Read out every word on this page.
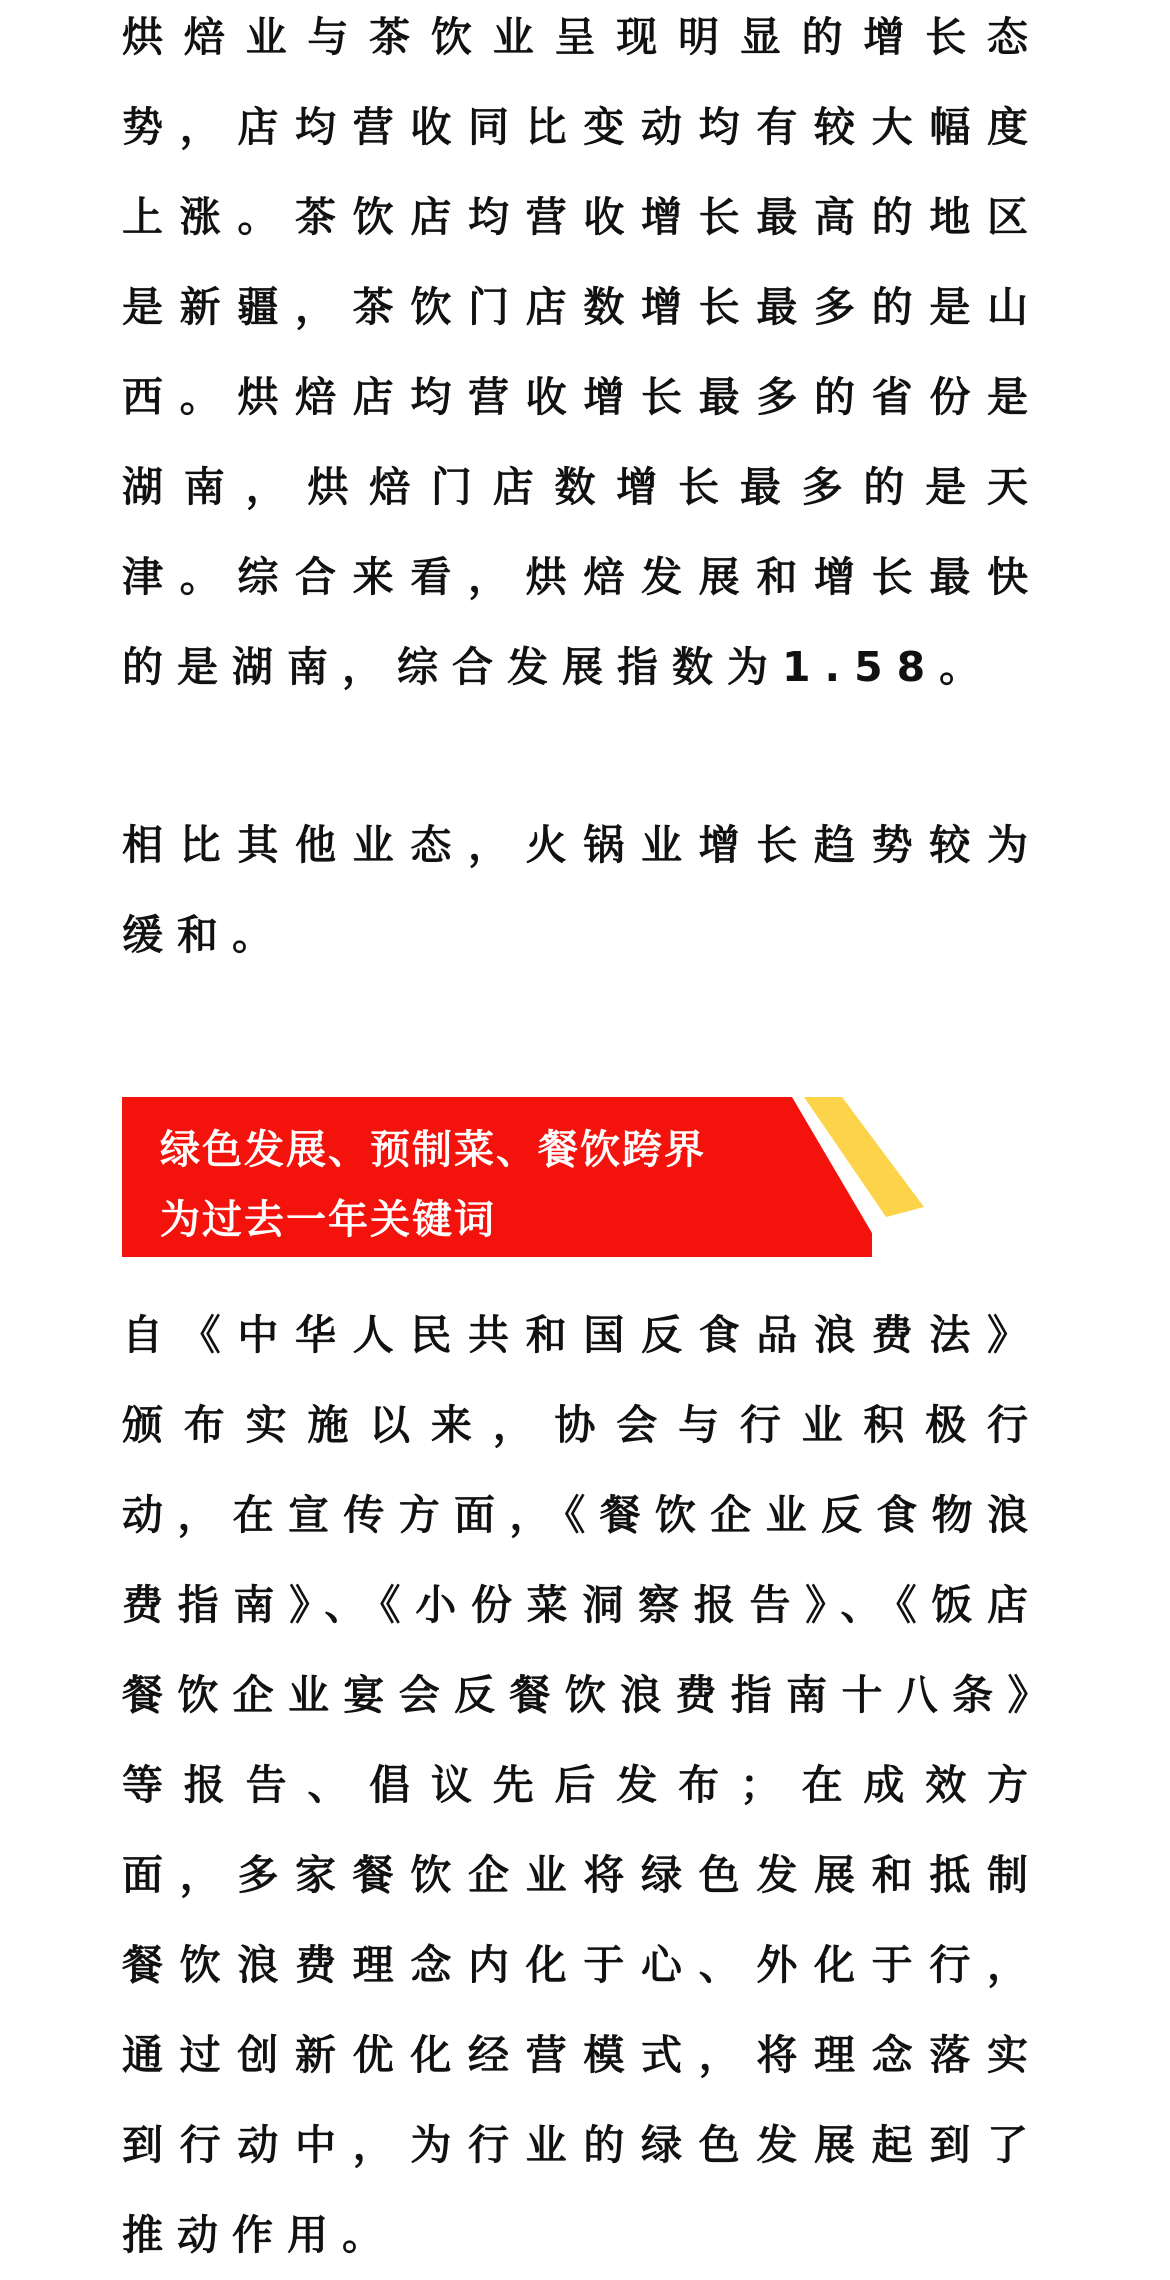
烘焙业与茶饮业呈现明显的增长态势，店均营收同比变动均有较大幅度上涨。茶饮店均营收增长最高的地区是新疆，茶饮门店数增长最多的是山西。烘焙店均营收增长最多的省份是湖南，烘焙门店数增长最多的是天津。综合来看，烘焙发展和增长最快的是湖南，综合发展指数为1.58。

相比其他业态，火锅业增长趋势较为缓和。

绿色发展、预制菜、餐饮跨界
为过去一年关键词

自《中华人民共和国反食品浪费法》颁布实施以来，协会与行业积极行动，在宣传方面，《餐饮企业反食物浪费指南》、《小份菜洞察报告》、《饭店餐饮企业宴会反餐饮浪费指南十八条》等报告、倡议先后发布；在成效方面，多家餐饮企业将绿色发展和抵制餐饮浪费理念内化于心、外化于行，通过创新优化经营模式，将理念落实到行动中，为行业的绿色发展起到了推动作用。
